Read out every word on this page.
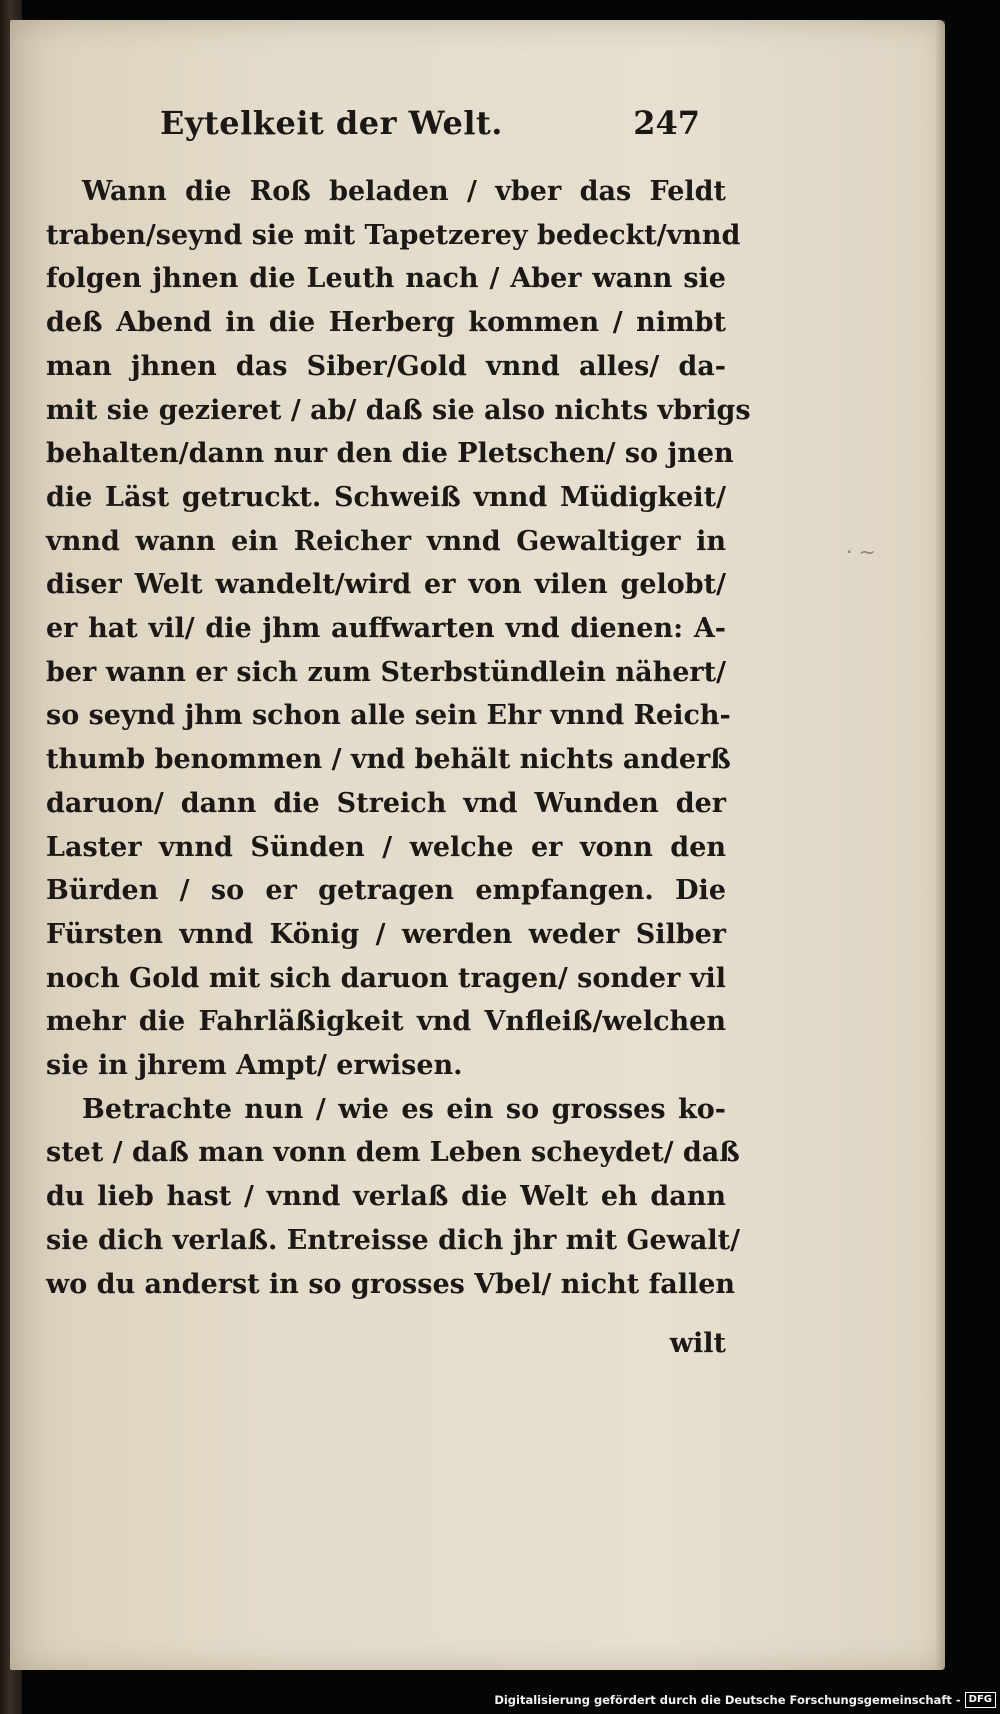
Eytelkeit der Welt.	247

Wann die Roß beladen / vber das Feldt
traben/seynd sie mit Tapetzerey bedeckt/vnnd
folgen jhnen die Leuth nach / Aber wann sie
deß Abend in die Herberg kommen / nimbt
man jhnen das Siber/Gold vnnd alles/ da-
mit sie gezieret / ab/ daß sie also nichts vbrigs
behalten/dann nur den die Pletschen/ so jnen
die Läst getruckt. Schweiß vnnd Müdigkeit/
vnnd wann ein Reicher vnnd Gewaltiger in
diser Welt wandelt/wird er von vilen gelobt/
er hat vil/ die jhm auffwarten vnd dienen: A-
ber wann er sich zum Sterbstündlein nähert/
so seynd jhm schon alle sein Ehr vnnd Reich-
thumb benommen / vnd behält nichts anderß
daruon/ dann die Streich vnd Wunden der
Laster vnnd Sünden / welche er vonn den
Bürden / so er getragen empfangen. Die
Fürsten vnnd König / werden weder Silber
noch Gold mit sich daruon tragen/ sonder vil
mehr die Fahrläßigkeit vnd Vnfleiß/welchen
sie in jhrem Ampt/ erwisen.

Betrachte nun / wie es ein so grosses ko-
stet / daß man vonn dem Leben scheydet/ daß
du lieb hast / vnnd verlaß die Welt eh dann
sie dich verlaß. Entreisse dich jhr mit Gewalt/
wo du anderst in so grosses Vbel/ nicht fallen

wilt
· ~
Digitalisierung gefördert durch die Deutsche Forschungsgemeinschaft - DFG
